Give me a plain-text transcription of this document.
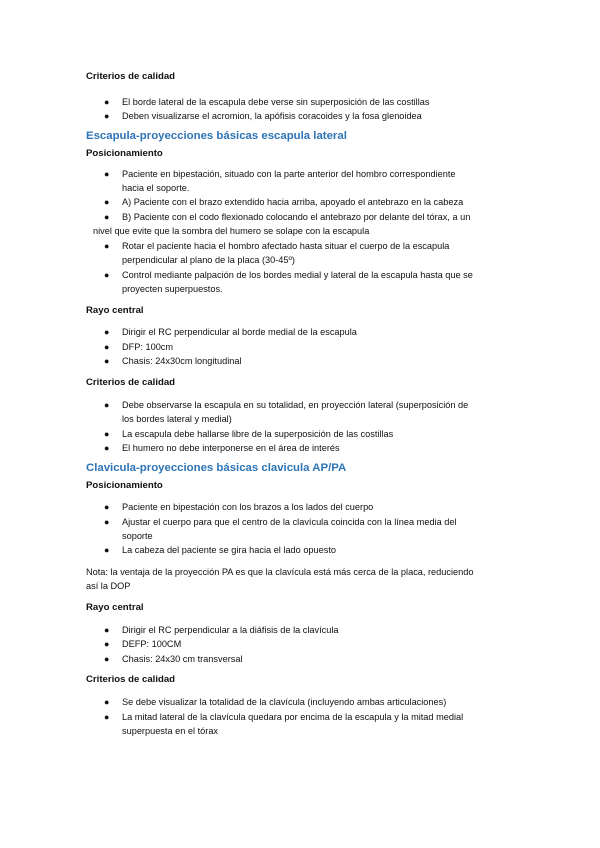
Criterios de calidad
● El borde lateral de la escapula debe verse sin superposición de las costillas
● Deben visualizarse el acromion, la apófisis coracoides y la fosa glenoidea
Escapula-proyecciones básicas escapula lateral
Posicionamiento
● Paciente en bipestación, situado con la parte anterior del hombro correspondiente
hacia el soporte.
● A) Paciente con el brazo extendido hacia arriba, apoyado el antebrazo en la cabeza
● B) Paciente con el codo flexionado colocando el antebrazo por delante del tórax, a un
nivel que evite que la sombra del humero se solape con la escapula
● Rotar el paciente hacia el hombro afectado hasta situar el cuerpo de la escapula
perpendicular al plano de la placa (30-45º)
● Control mediante palpación de los bordes medial y lateral de la escapula hasta que se
proyecten superpuestos.
Rayo central
● Dirigir el RC perpendicular al borde medial de la escapula
● DFP: 100cm
● Chasis: 24x30cm longitudinal
Criterios de calidad
● Debe observarse la escapula en su totalidad, en proyección lateral (superposición de
los bordes lateral y medial)
● La escapula debe hallarse libre de la superposición de las costillas
● El humero no debe interponerse en el área de interés
Clavicula-proyecciones básicas clavicula AP/PA
Posicionamiento
● Paciente en bipestación con los brazos a los lados del cuerpo
● Ajustar el cuerpo para que el centro de la clavícula coincida con la línea media del
soporte
● La cabeza del paciente se gira hacia el lado opuesto
Nota: la ventaja de la proyección PA es que la clavícula está más cerca de la placa, reduciendo
así la DOP
Rayo central
● Dirigir el RC perpendicular a la diáfisis de la clavícula
● DEFP: 100CM
● Chasis: 24x30 cm transversal
Criterios de calidad
● Se debe visualizar la totalidad de la clavícula (incluyendo ambas articulaciones)
● La mitad lateral de la clavícula quedara por encima de la escapula y la mitad medial
superpuesta en el tórax
